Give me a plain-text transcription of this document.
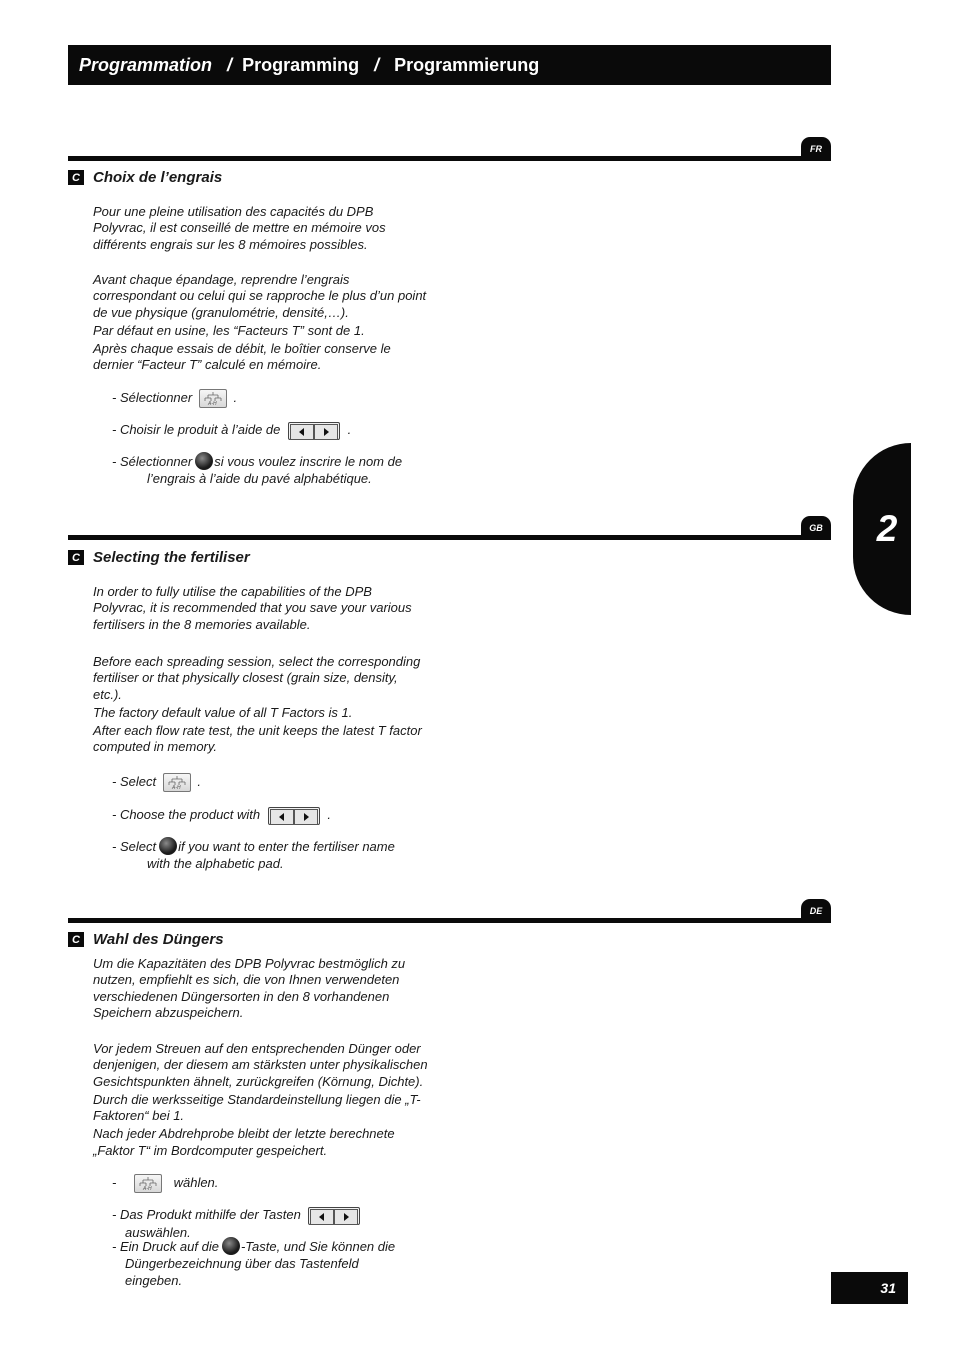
Programmation
/
Programming
/
Programmierung
FR
C Choix de l’engrais

Pour une pleine utilisation des capacités du DPB Polyvrac, il est conseillé de mettre en mémoire vos différents engrais sur les 8 mémoires possibles.

Avant chaque épandage, reprendre l’engrais correspondant ou celui qui se rapproche le plus d’un point de vue physique (granulométrie, densité,…).

Par défaut en usine, les “Facteurs T” sont de 1.

Après chaque essais de débit, le boîtier conserve le dernier “Facteur T” calculé en mémoire.

- Sélectionner	A-H .
- Choisir le produit à l’aide de	.
- Sélectionner si vous voulez inscrire le nom de
l’engrais à l’aide du pavé alphabétique.
GB
C Selecting the fertiliser

In order to fully utilise the capabilities of the DPB Polyvrac, it is recommended that you save your various fertilisers in the 8 memories available.

Before each spreading session, select the corresponding fertiliser or that physically closest (grain size, density, etc.).

The factory default value of all T Factors is 1.

After each flow rate test, the unit keeps the latest T factor computed in memory.

- Select	A-H .
- Choose the product with	.
- Select if you want to enter the fertiliser name
with the alphabetic pad.
DE
C Wahl des Düngers

Um die Kapazitäten des DPB Polyvrac bestmöglich zu nutzen, empfiehlt es sich, die von Ihnen verwendeten verschiedenen Düngersorten in den 8 vorhandenen Speichern abzuspeichern.

Vor jedem Streuen auf den entsprechenden Dünger oder denjenigen, der diesem am stärksten unter physikalischen Gesichtspunkten ähnelt, zurückgreifen (Körnung, Dichte).

Durch die werksseitige Standardeinstellung liegen die „T-Faktoren“ bei 1.

Nach jeder Abdrehprobe bleibt der letzte berechnete „Faktor T“ im Bordcomputer gespeichert.

-	A-H wählen.
- Das Produkt mithilfe der Tasten
auswählen.
- Ein Druck auf die -Taste, und Sie können die
Düngerbezeichnung über das Tastenfeld
eingeben.
2
31
